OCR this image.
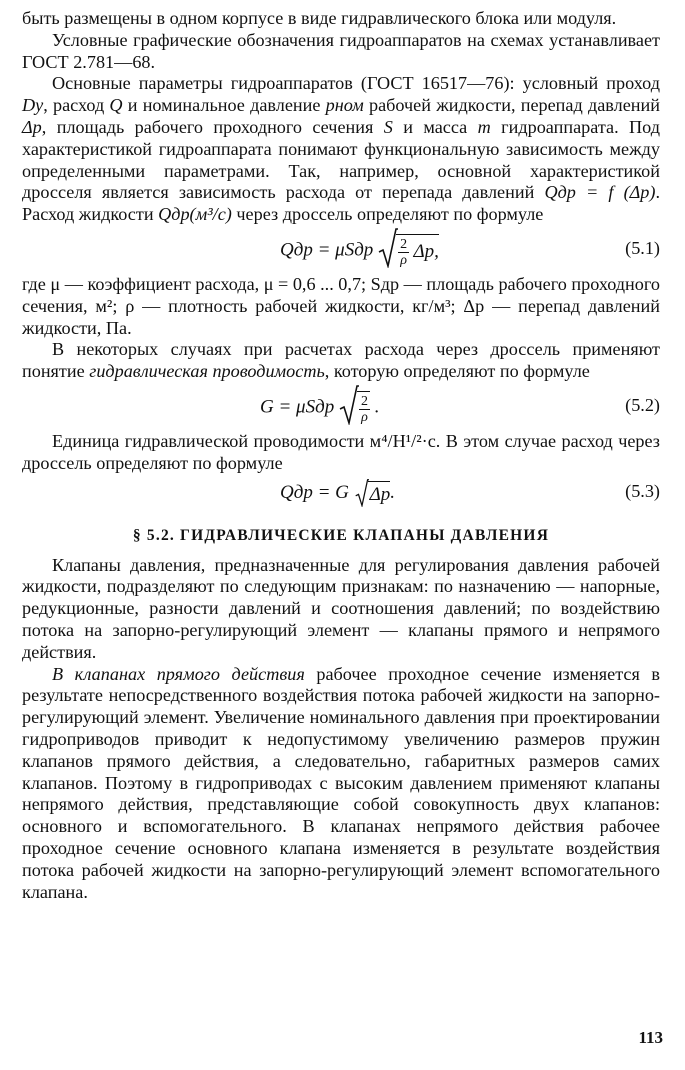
быть размещены в одном корпусе в виде гидравлического блока или модуля.

Условные графические обозначения гидроаппаратов на схемах устанавливает ГОСТ 2.781—68.

Основные параметры гидроаппаратов (ГОСТ 16517—76): условный проход Dу, расход Q и номинальное давление pном рабочей жидкости, перепад давлений Δp, площадь рабочего проходного сечения S и масса m гидроаппарата. Под характеристикой гидроаппарата понимают функциональную зависимость между определенными параметрами. Так, например, основной характеристикой дросселя является зависимость расхода от перепада давлений Qдр = f (Δp). Расход жидкости Qдр(м³/с) через дроссель определяют по формуле

Qдр = μSдр $\frac{2}{\rho} \Delta p$,	(5.1)

где μ — коэффициент расхода, μ = 0,6 ... 0,7; Sдр — площадь рабочего проходного сечения, м²; ρ — плотность рабочей жидкости, кг/м³; Δp — перепад давлений жидкости, Па.

В некоторых случаях при расчетах расхода через дроссель применяют понятие гидравлическая проводимость, которую определяют по формуле

G = μSдр $\frac{2}{\rho}$ .	(5.2)

Единица гидравлической проводимости м⁴/Н¹/²·с. В этом случае расход через дроссель определяют по формуле

Qдр = G Δp.	(5.3)
§ 5.2. ГИДРАВЛИЧЕСКИЕ КЛАПАНЫ ДАВЛЕНИЯ

Клапаны давления, предназначенные для регулирования давления рабочей жидкости, подразделяют по следующим признакам: по назначению — напорные, редукционные, разности давлений и соотношения давлений; по воздействию потока на запорно-регулирующий элемент — клапаны прямого и непрямого действия.

В клапанах прямого действия рабочее проходное сечение изменяется в результате непосредственного воздействия потока рабочей жидкости на запорно-регулирующий элемент. Увеличение номинального давления при проектировании гидроприводов приводит к недопустимому увеличению размеров пружин клапанов прямого действия, а следовательно, габаритных размеров самих клапанов. Поэтому в гидроприводах с высоким давлением применяют клапаны непрямого действия, представляющие собой совокупность двух клапанов: основного и вспомогательного. В клапанах непрямого действия рабочее проходное сечение основного клапана изменяется в результате воздействия потока рабочей жидкости на запорно-регулирующий элемент вспомогательного клапана.

113
